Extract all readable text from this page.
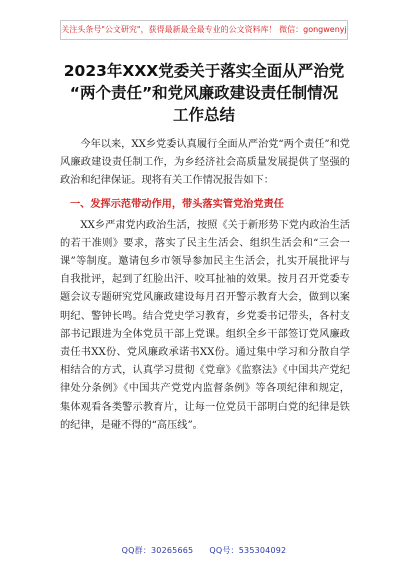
关注头条号"公文研究"，获得最新最全最专业的公文资料库！ 微信：gongwenyj
2023年XXX党委关于落实全面从严治党
“两个责任”和党风廉政建设责任制情况
工作总结

今年以来，XX乡党委认真履行全面从严治党“两个责任”和党风廉政建设责任制工作，为乡经济社会高质量发展提供了坚强的政治和纪律保证。现将有关工作情况报告如下：

一、发挥示范带动作用，带头落实管党治党责任

XX乡严肃党内政治生活，按照《关于新形势下党内政治生活的若干准则》要求，落实了民主生活会、组织生活会和“三会一课”等制度。邀请包乡市领导参加民主生活会，扎实开展批评与自我批评，起到了红脸出汗、咬耳扯袖的效果。按月召开党委专题会议专题研究党风廉政建设每月召开警示教育大会，做到以案明纪、警钟长鸣。结合党史学习教育，乡党委书记带头，各村支部书记跟进为全体党员干部上党课。组织全乡干部签订党风廉政责任书XX份、党风廉政承诺书XX份。通过集中学习和分散自学相结合的方式，认真学习贯彻《党章》《监察法》《中国共产党纪律处分条例》《中国共产党党内监督条例》等各项纪律和规定，集体观看各类警示教育片，让每一位党员干部明白党的纪律是铁的纪律，是碰不得的“高压线”。

QQ群：30265665 QQ号：535304092
